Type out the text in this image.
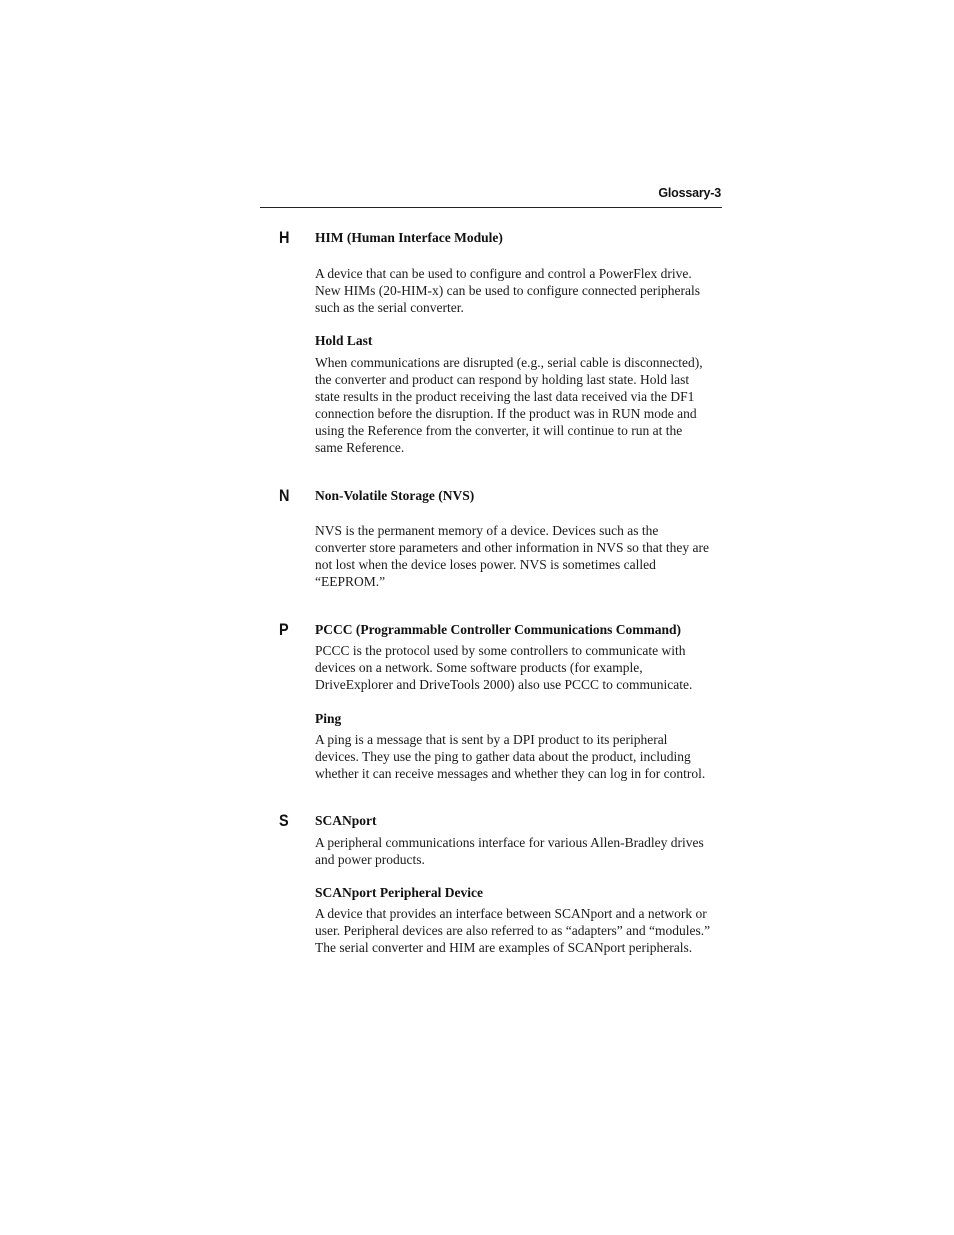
Glossary-3
H HIM (Human Interface Module)
A device that can be used to configure and control a PowerFlex drive.
New HIMs (20-HIM-x) can be used to configure connected peripherals
such as the serial converter.
Hold Last
When communications are disrupted (e.g., serial cable is disconnected),
the converter and product can respond by holding last state. Hold last
state results in the product receiving the last data received via the DF1
connection before the disruption. If the product was in RUN mode and
using the Reference from the converter, it will continue to run at the
same Reference.
N Non-Volatile Storage (NVS)
NVS is the permanent memory of a device. Devices such as the
converter store parameters and other information in NVS so that they are
not lost when the device loses power. NVS is sometimes called
“EEPROM.”
P PCCC (Programmable Controller Communications Command)
PCCC is the protocol used by some controllers to communicate with
devices on a network. Some software products (for example,
DriveExplorer and DriveTools 2000) also use PCCC to communicate.
Ping
A ping is a message that is sent by a DPI product to its peripheral
devices. They use the ping to gather data about the product, including
whether it can receive messages and whether they can log in for control.
S SCANport
A peripheral communications interface for various Allen-Bradley drives
and power products.
SCANport Peripheral Device
A device that provides an interface between SCANport and a network or
user. Peripheral devices are also referred to as “adapters” and “modules.”
The serial converter and HIM are examples of SCANport peripherals.
